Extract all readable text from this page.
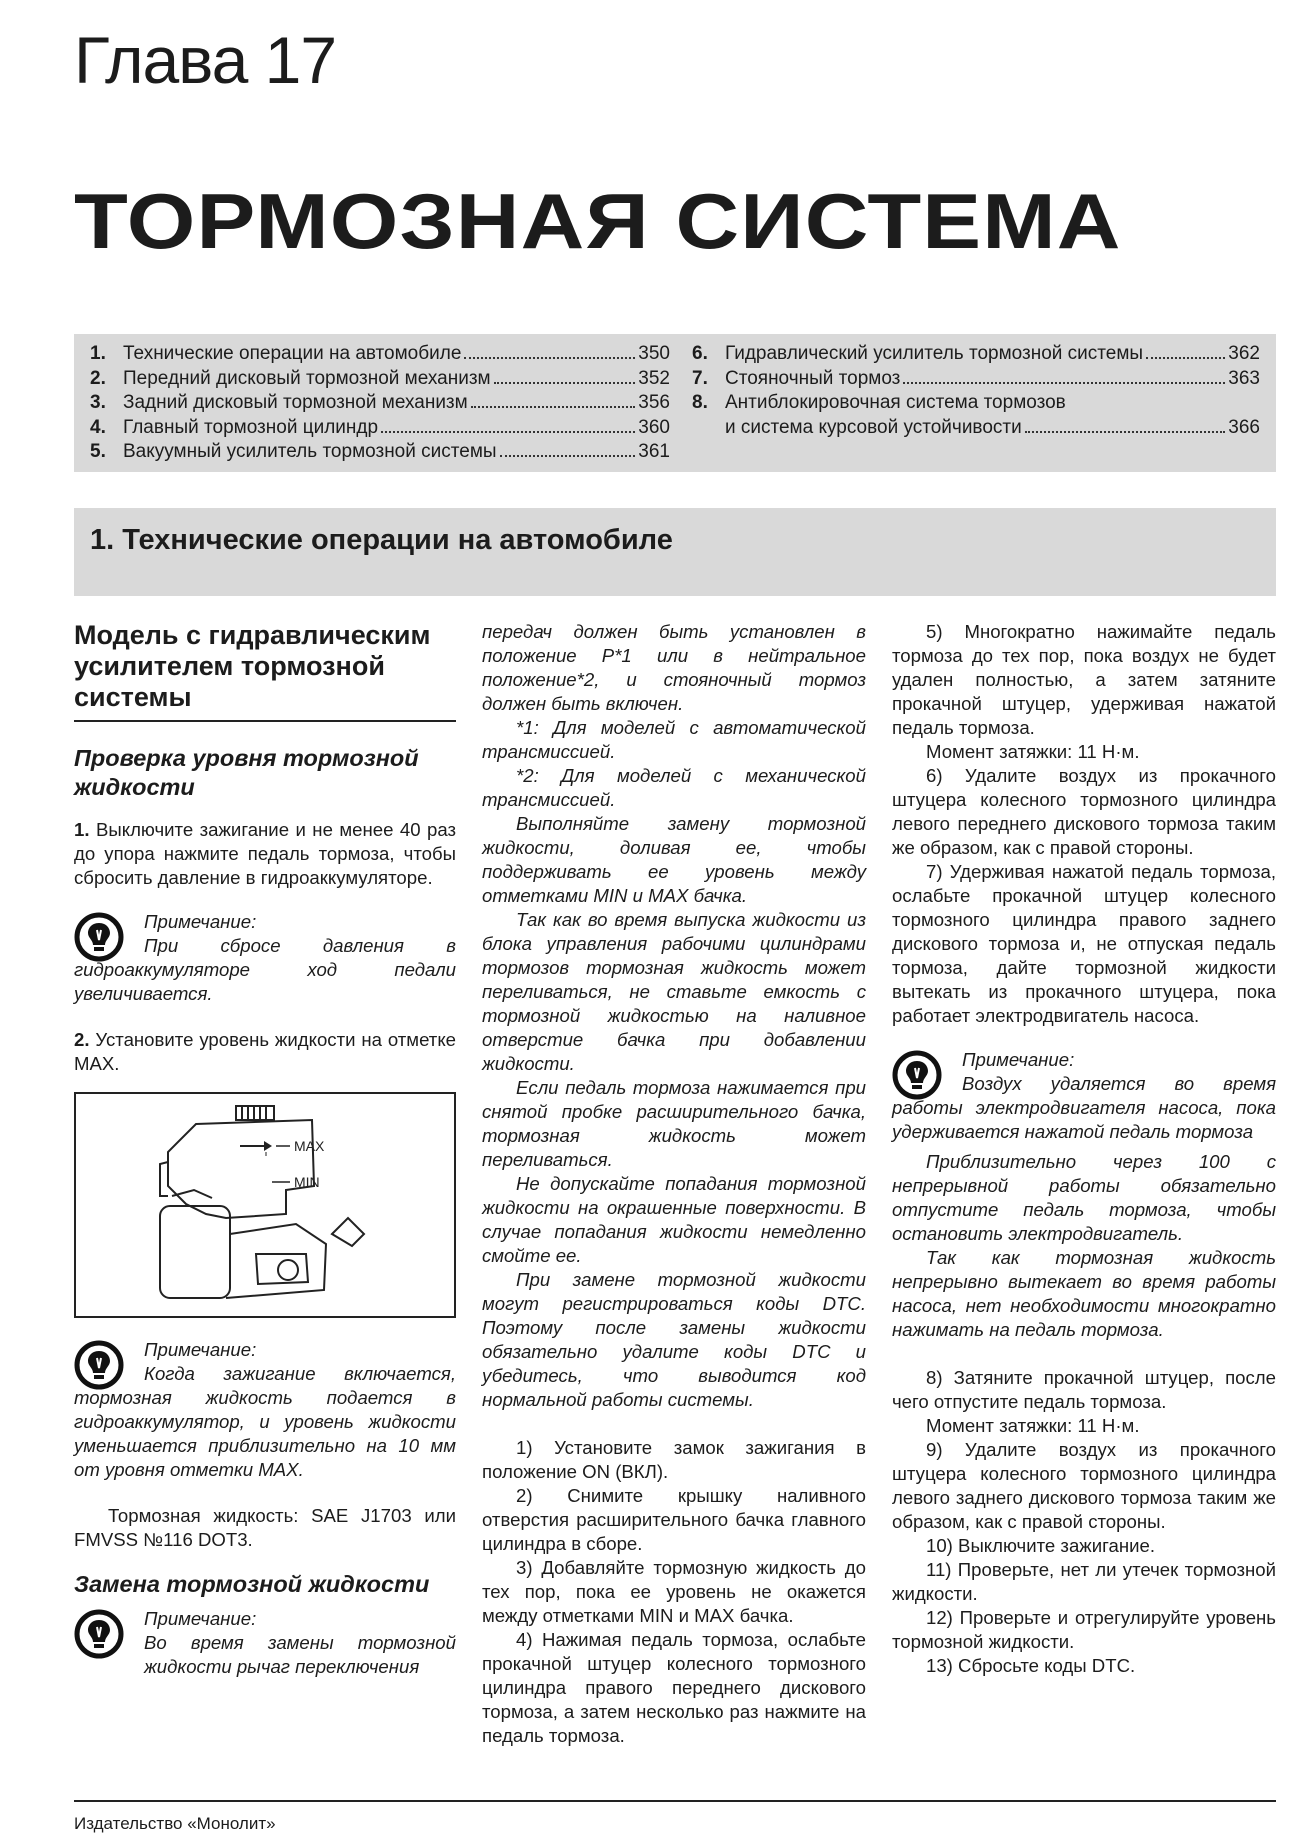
Глава 17
ТОРМОЗНАЯ СИСТЕМА
1. Технические операции на автомобиле	350
2. Передний дисковый тормозной механизм	352
3. Задний дисковый тормозной механизм	356
4. Главный тормозной цилиндр	360
5. Вакуумный усилитель тормозной системы	361
6. Гидравлический усилитель тормозной системы	362
7. Стояночный тормоз	363
8. Антиблокировочная система тормозов
и система курсовой устойчивости	366
1. Технические операции на автомобиле
Модель с гидравлическим усилителем тормозной системы
Проверка уровня тормозной жидкости

1. Выключите зажигание и не менее 40 раз до упора нажмите педаль тормоза, чтобы сбросить давление в гидроаккумуляторе.

Примечание:

При сбросе давления в гидроаккумуляторе ход педали увеличивается.

2. Установите уровень жидкости на отметке MAX.

MAX
MIN

Примечание:

Когда зажигание включается, тормозная жидкость подается в гидроаккумулятор, и уровень жидкости уменьшается приблизительно на 10 мм от уровня отметки MAX.

Тормозная жидкость: SAE J1703 или FMVSS №116 DOT3.

Замена тормозной жидкости

Примечание:

Во время замены тормозной жидкости рычаг переключения

передач должен быть установлен в положение P*1 или в нейтральное положение*2, и стояночный тормоз должен быть включен.

*1: Для моделей с автоматической трансмиссией.

*2: Для моделей с механической трансмиссией.

Выполняйте замену тормозной жидкости, доливая ее, чтобы поддерживать ее уровень между отметками MIN и MAX бачка.

Так как во время выпуска жидкости из блока управления рабочими цилиндрами тормозов тормозная жидкость может переливаться, не ставьте емкость с тормозной жидкостью на наливное отверстие бачка при добавлении жидкости.

Если педаль тормоза нажимается при снятой пробке расширительного бачка, тормозная жидкость может переливаться.

Не допускайте попадания тормозной жидкости на окрашенные поверхности. В случае попадания жидкости немедленно смойте ее.

При замене тормозной жидкости могут регистрироваться коды DTC. Поэтому после замены жидкости обязательно удалите коды DTC и убедитесь, что выводится код нормальной работы системы.

1) Установите замок зажигания в положение ON (ВКЛ).

2) Снимите крышку наливного отверстия расширительного бачка главного цилиндра в сборе.

3) Добавляйте тормозную жидкость до тех пор, пока ее уровень не окажется между отметками MIN и MAX бачка.

4) Нажимая педаль тормоза, ослабьте прокачной штуцер колесного тормозного цилиндра правого переднего дискового тормоза, а затем несколько раз нажмите на педаль тормоза.

5) Многократно нажимайте педаль тормоза до тех пор, пока воздух не будет удален полностью, а затем затяните прокачной штуцер, удерживая нажатой педаль тормоза.

Момент затяжки: 11 Н·м.

6) Удалите воздух из прокачного штуцера колесного тормозного цилиндра левого переднего дискового тормоза таким же образом, как с правой стороны.

7) Удерживая нажатой педаль тормоза, ослабьте прокачной штуцер колесного тормозного цилиндра правого заднего дискового тормоза и, не отпуская педаль тормоза, дайте тормозной жидкости вытекать из прокачного штуцера, пока работает электродвигатель насоса.

Примечание:

Воздух удаляется во время работы электродвигателя насоса, пока удерживается нажатой педаль тормоза

Приблизительно через 100 с непрерывной работы обязательно отпустите педаль тормоза, чтобы остановить электродвигатель.

Так как тормозная жидкость непрерывно вытекает во время работы насоса, нет необходимости многократно нажимать на педаль тормоза.

8) Затяните прокачной штуцер, после чего отпустите педаль тормоза.

Момент затяжки: 11 Н·м.

9) Удалите воздух из прокачного штуцера колесного тормозного цилиндра левого заднего дискового тормоза таким же образом, как с правой стороны.

10) Выключите зажигание.

11) Проверьте, нет ли утечек тормозной жидкости.

12) Проверьте и отрегулируйте уровень тормозной жидкости.

13) Сбросьте коды DTC.

Издательство «Монолит»
